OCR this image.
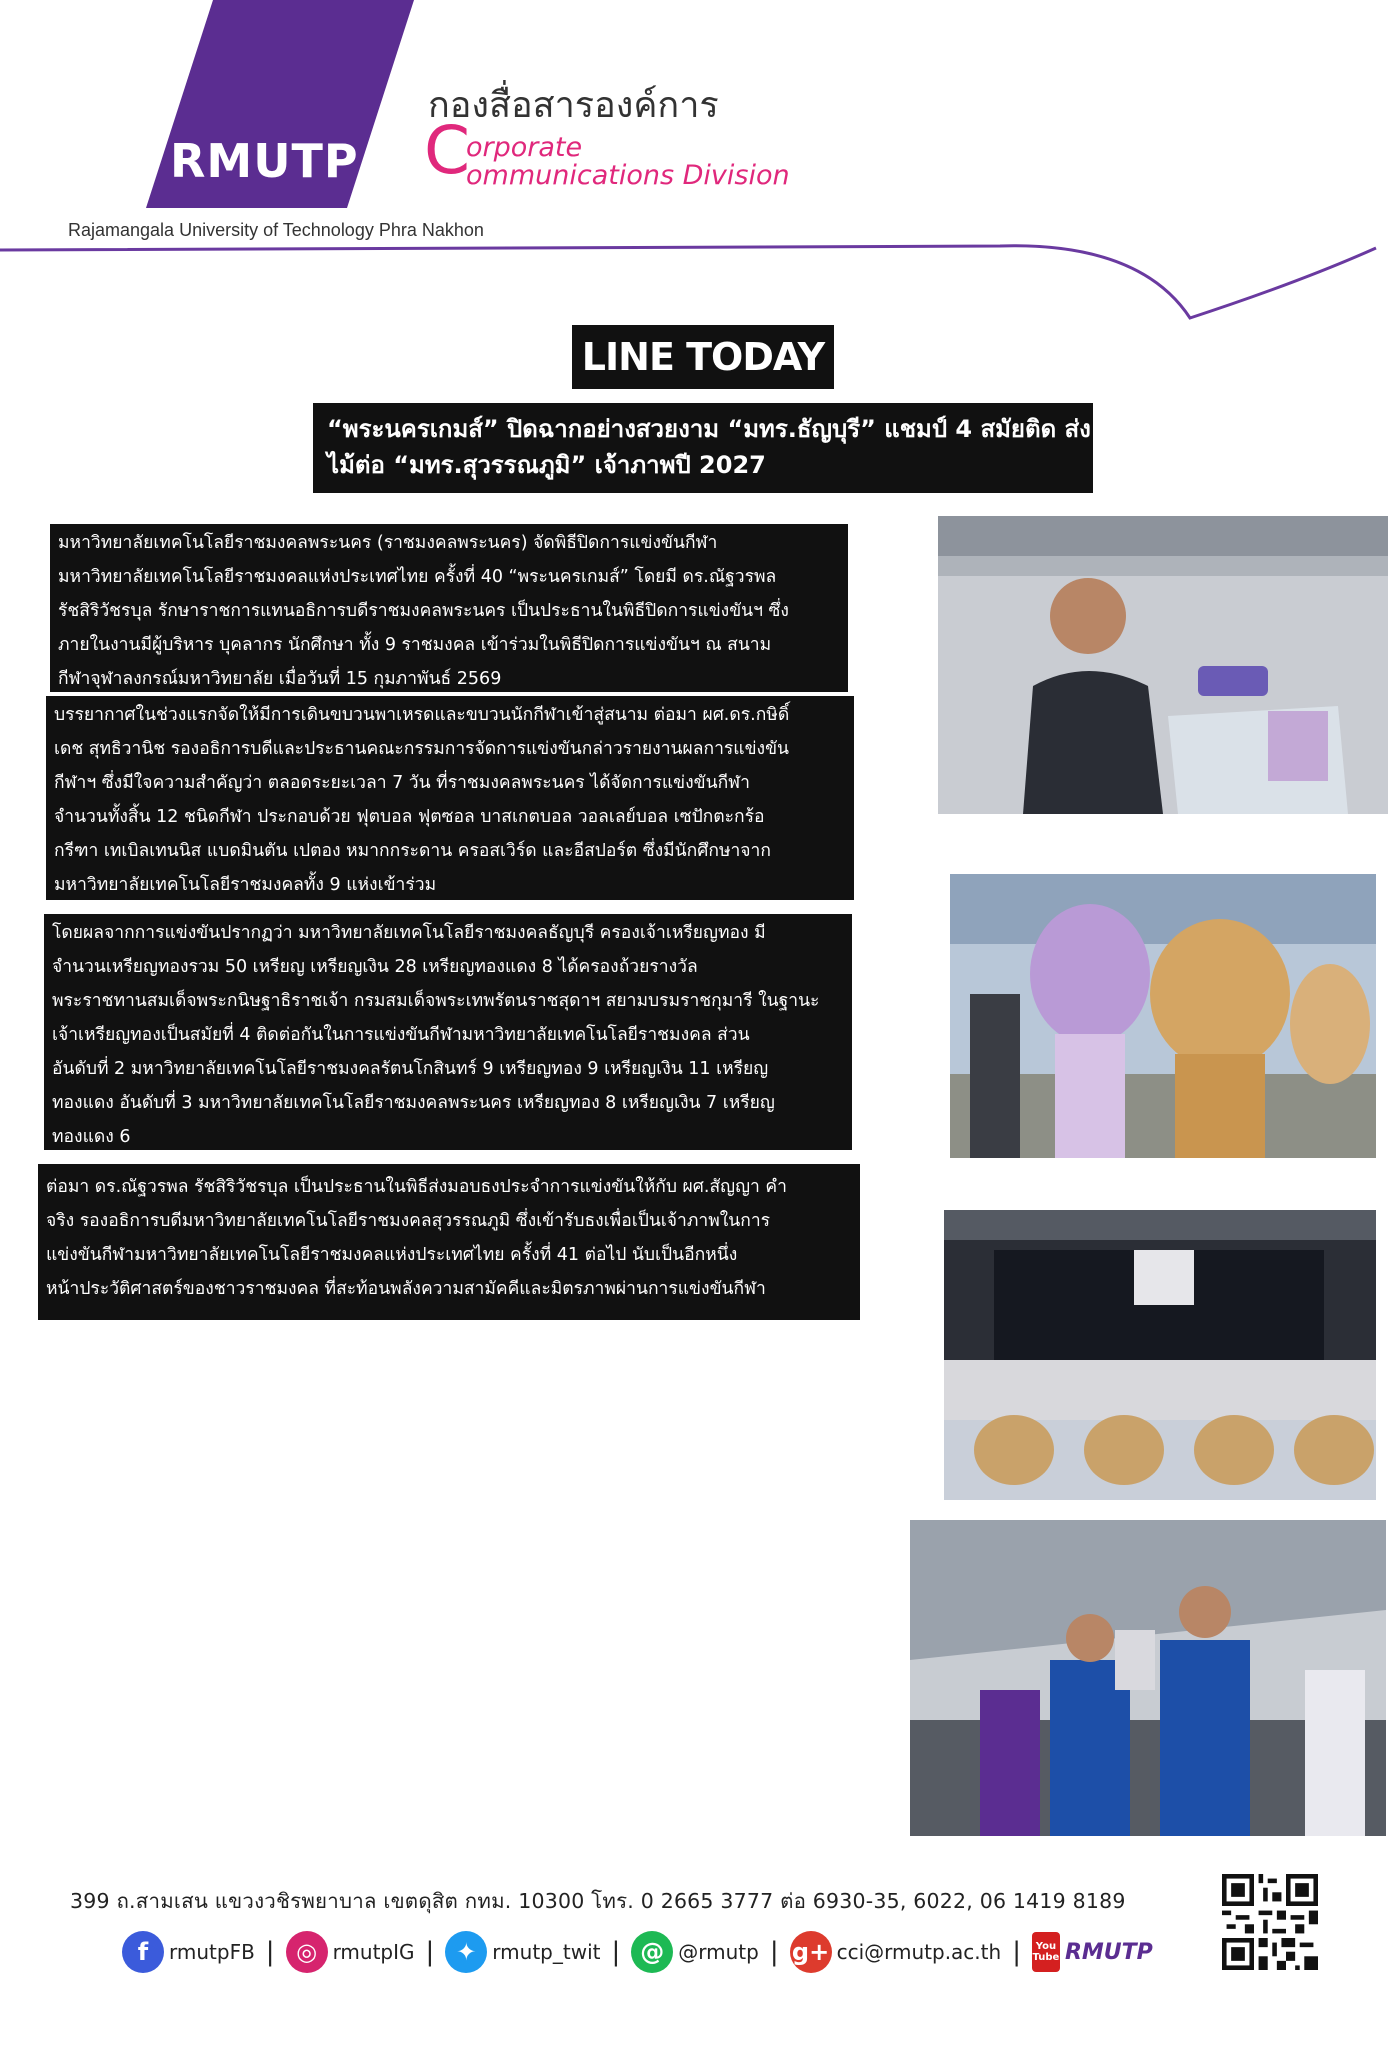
RMUTP
Rajamangala University of Technology Phra Nakhon
กองสื่อสารองค์การ
C
orporate
ommunications Division
LINE TODAY
“พระนครเกมส์” ปิดฉากอย่างสวยงาม “มทร.ธัญบุรี” แชมป์ 4 สมัยติด ส่ง
ไม้ต่อ “มทร.สุวรรณภูมิ” เจ้าภาพปี 2027
มหาวิทยาลัยเทคโนโลยีราชมงคลพระนคร (ราชมงคลพระนคร) จัดพิธีปิดการแข่งขันกีฬา
มหาวิทยาลัยเทคโนโลยีราชมงคลแห่งประเทศไทย ครั้งที่ 40 “พระนครเกมส์” โดยมี ดร.ณัฐวรพล
รัชสิริวัชรบุล รักษาราชการแทนอธิการบดีราชมงคลพระนคร เป็นประธานในพิธีปิดการแข่งขันฯ ซึ่ง
ภายในงานมีผู้บริหาร บุคลากร นักศึกษา ทั้ง 9 ราชมงคล เข้าร่วมในพิธีปิดการแข่งขันฯ ณ สนาม
กีฬาจุฬาลงกรณ์มหาวิทยาลัย เมื่อวันที่ 15 กุมภาพันธ์ 2569
บรรยากาศในช่วงแรกจัดให้มีการเดินขบวนพาเหรดและขบวนนักกีฬาเข้าสู่สนาม ต่อมา ผศ.ดร.กษิดิ์
เดช สุทธิวานิช รองอธิการบดีและประธานคณะกรรมการจัดการแข่งขันกล่าวรายงานผลการแข่งขัน
กีฬาฯ ซึ่งมีใจความสำคัญว่า ตลอดระยะเวลา 7 วัน ที่ราชมงคลพระนคร ได้จัดการแข่งขันกีฬา
จำนวนทั้งสิ้น 12 ชนิดกีฬา ประกอบด้วย ฟุตบอล ฟุตซอล บาสเกตบอล วอลเลย์บอล เซปักตะกร้อ
กรีฑา เทเบิลเทนนิส แบดมินตัน เปตอง หมากกระดาน ครอสเวิร์ด และอีสปอร์ต ซึ่งมีนักศึกษาจาก
มหาวิทยาลัยเทคโนโลยีราชมงคลทั้ง 9 แห่งเข้าร่วม
โดยผลจากการแข่งขันปรากฏว่า มหาวิทยาลัยเทคโนโลยีราชมงคลธัญบุรี ครองเจ้าเหรียญทอง มี
จำนวนเหรียญทองรวม 50 เหรียญ เหรียญเงิน 28 เหรียญทองแดง 8 ได้ครองถ้วยรางวัล
พระราชทานสมเด็จพระกนิษฐาธิราชเจ้า กรมสมเด็จพระเทพรัตนราชสุดาฯ สยามบรมราชกุมารี ในฐานะ
เจ้าเหรียญทองเป็นสมัยที่ 4 ติดต่อกันในการแข่งขันกีฬามหาวิทยาลัยเทคโนโลยีราชมงคล ส่วน
อันดับที่ 2 มหาวิทยาลัยเทคโนโลยีราชมงคลรัตนโกสินทร์ 9 เหรียญทอง 9 เหรียญเงิน 11 เหรียญ
ทองแดง อันดับที่ 3 มหาวิทยาลัยเทคโนโลยีราชมงคลพระนคร เหรียญทอง 8 เหรียญเงิน 7 เหรียญ
ทองแดง 6
ต่อมา ดร.ณัฐวรพล รัชสิริวัชรบุล เป็นประธานในพิธีส่งมอบธงประจำการแข่งขันให้กับ ผศ.สัญญา คำ
จริง รองอธิการบดีมหาวิทยาลัยเทคโนโลยีราชมงคลสุวรรณภูมิ ซึ่งเข้ารับธงเพื่อเป็นเจ้าภาพในการ
แข่งขันกีฬามหาวิทยาลัยเทคโนโลยีราชมงคลแห่งประเทศไทย ครั้งที่ 41 ต่อไป นับเป็นอีกหนึ่ง
หน้าประวัติศาสตร์ของชาวราชมงคล ที่สะท้อนพลังความสามัคคีและมิตรภาพผ่านการแข่งขันกีฬา
399 ถ.สามเสน แขวงวชิรพยาบาล เขตดุสิต กทม. 10300 โทร. 0 2665 3777 ต่อ 6930-35, 6022, 06 1419 8189
f	rmutpFB | ◎ rmutpIG | ✦ rmutp_twit | @ @rmutp | g+ cci@rmutp.ac.th | You
Tube RMUTP
